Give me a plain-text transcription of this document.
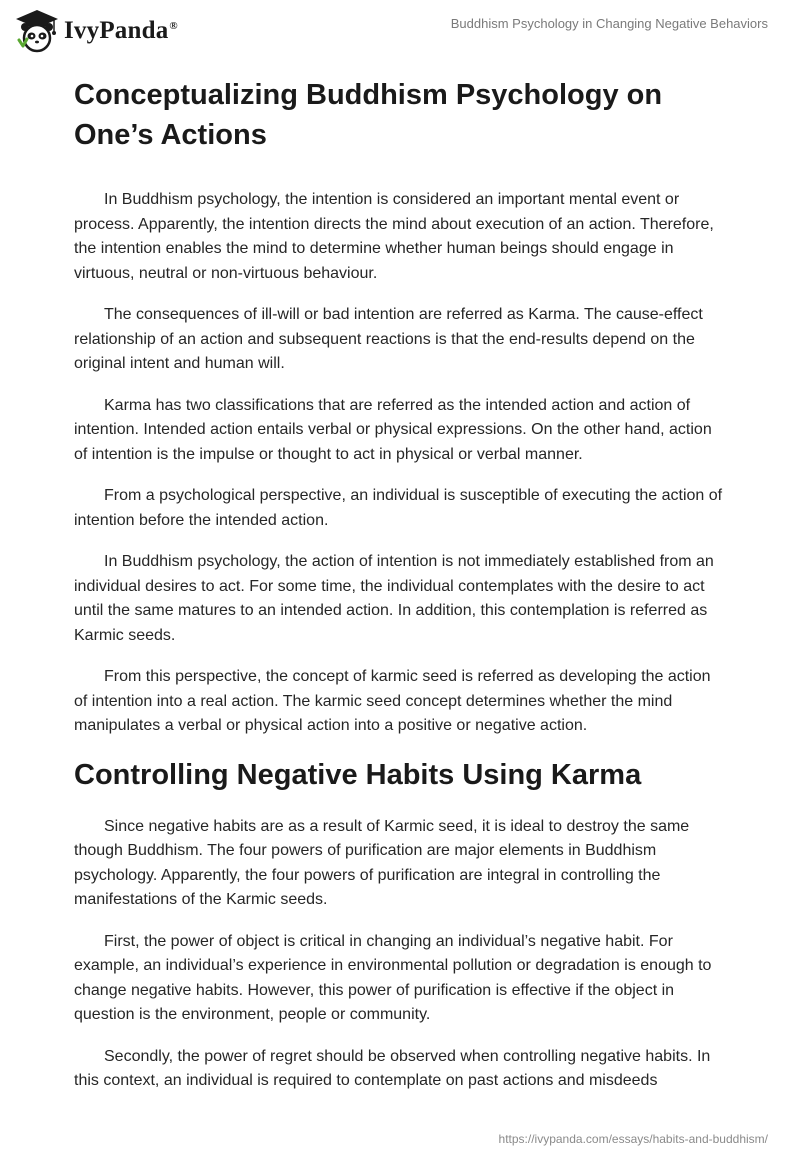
IvyPanda®	Buddhism Psychology in Changing Negative Behaviors
Conceptualizing Buddhism Psychology on One’s Actions

In Buddhism psychology, the intention is considered an important mental event or process. Apparently, the intention directs the mind about execution of an action. Therefore, the intention enables the mind to determine whether human beings should engage in virtuous, neutral or non-virtuous behaviour.

The consequences of ill-will or bad intention are referred as Karma. The cause-effect relationship of an action and subsequent reactions is that the end-results depend on the original intent and human will.

Karma has two classifications that are referred as the intended action and action of intention. Intended action entails verbal or physical expressions. On the other hand, action of intention is the impulse or thought to act in physical or verbal manner.

From a psychological perspective, an individual is susceptible of executing the action of intention before the intended action.

In Buddhism psychology, the action of intention is not immediately established from an individual desires to act. For some time, the individual contemplates with the desire to act until the same matures to an intended action. In addition, this contemplation is referred as Karmic seeds.

From this perspective, the concept of karmic seed is referred as developing the action of intention into a real action. The karmic seed concept determines whether the mind manipulates a verbal or physical action into a positive or negative action.

Controlling Negative Habits Using Karma

Since negative habits are as a result of Karmic seed, it is ideal to destroy the same though Buddhism. The four powers of purification are major elements in Buddhism psychology. Apparently, the four powers of purification are integral in controlling the manifestations of the Karmic seeds.

First, the power of object is critical in changing an individual’s negative habit. For example, an individual’s experience in environmental pollution or degradation is enough to change negative habits. However, this power of purification is effective if the object in question is the environment, people or community.

Secondly, the power of regret should be observed when controlling negative habits. In this context, an individual is required to contemplate on past actions and misdeeds

https://ivypanda.com/essays/habits-and-buddhism/
